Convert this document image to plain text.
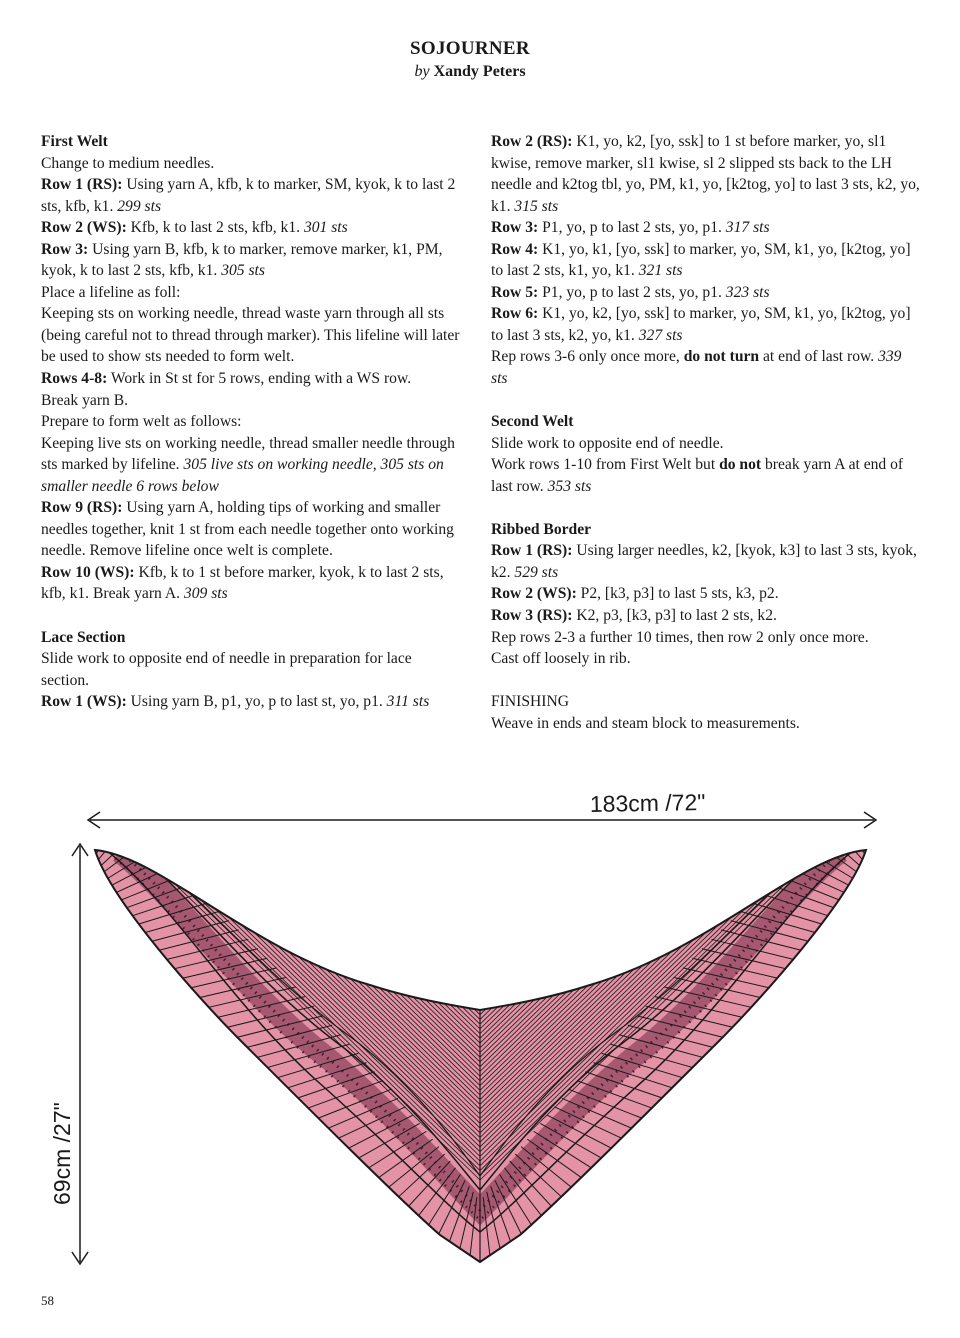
SOJOURNER
by Xandy Peters

First Welt

Change to medium needles.

Row 1 (RS): Using yarn A, kfb, k to marker, SM, kyok, k to last 2 sts, kfb, k1. 299 sts

Row 2 (WS): Kfb, k to last 2 sts, kfb, k1. 301 sts

Row 3: Using yarn B, kfb, k to marker, remove marker, k1, PM, kyok, k to last 2 sts, kfb, k1. 305 sts

Place a lifeline as foll:

Keeping sts on working needle, thread waste yarn through all sts (being careful not to thread through marker). This lifeline will later be used to show sts needed to form welt.

Rows 4-8: Work in St st for 5 rows, ending with a WS row.

Break yarn B.

Prepare to form welt as follows:

Keeping live sts on working needle, thread smaller needle through sts marked by lifeline. 305 live sts on working needle, 305 sts on smaller needle 6 rows below

Row 9 (RS): Using yarn A, holding tips of working and smaller needles together, knit 1 st from each needle together onto working needle. Remove lifeline once welt is complete.

Row 10 (WS): Kfb, k to 1 st before marker, kyok, k to last 2 sts, kfb, k1. Break yarn A. 309 sts

Lace Section

Slide work to opposite end of needle in preparation for lace section.

Row 1 (WS): Using yarn B, p1, yo, p to last st, yo, p1. 311 sts

Row 2 (RS): K1, yo, k2, [yo, ssk] to 1 st before marker, yo, sl1 kwise, remove marker, sl1 kwise, sl 2 slipped sts back to the LH needle and k2tog tbl, yo, PM, k1, yo, [k2tog, yo] to last 3 sts, k2, yo, k1. 315 sts

Row 3: P1, yo, p to last 2 sts, yo, p1. 317 sts

Row 4: K1, yo, k1, [yo, ssk] to marker, yo, SM, k1, yo, [k2tog, yo] to last 2 sts, k1, yo, k1. 321 sts

Row 5: P1, yo, p to last 2 sts, yo, p1. 323 sts

Row 6: K1, yo, k2, [yo, ssk] to marker, yo, SM, k1, yo, [k2tog, yo] to last 3 sts, k2, yo, k1. 327 sts

Rep rows 3-6 only once more, do not turn at end of last row. 339 sts

Second Welt

Slide work to opposite end of needle.

Work rows 1-10 from First Welt but do not break yarn A at end of last row. 353 sts

Ribbed Border

Row 1 (RS): Using larger needles, k2, [kyok, k3] to last 3 sts, kyok, k2. 529 sts

Row 2 (WS): P2, [k3, p3] to last 5 sts, k3, p2.

Row 3 (RS): K2, p3, [k3, p3] to last 2 sts, k2.

Rep rows 2-3 a further 10 times, then row 2 only once more.

Cast off loosely in rib.

FINISHING

Weave in ends and steam block to measurements.

183cm /72"
69cm /27"
58
